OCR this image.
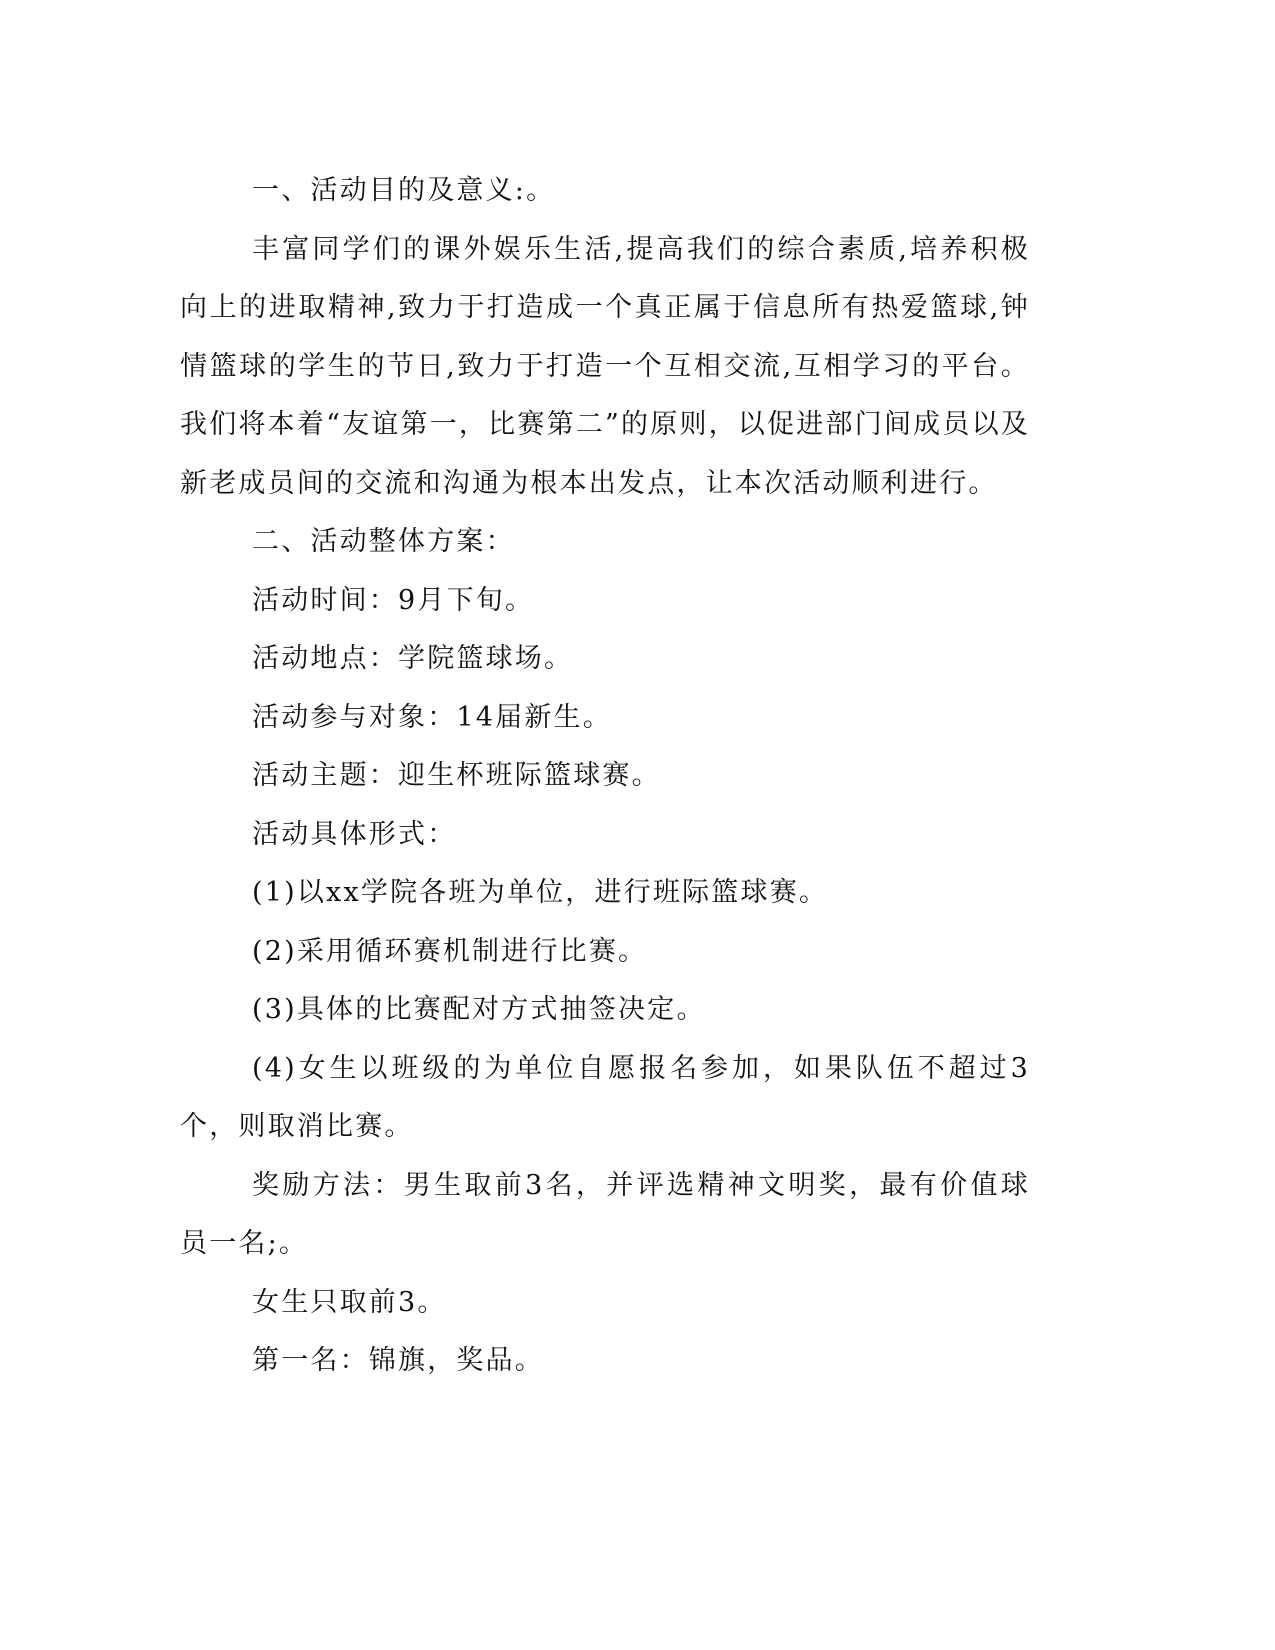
一、活动目的及意义:。

丰富同学们的课外娱乐生活,提高我们的综合素质,培养积极向上的进取精神,致力于打造成一个真正属于信息所有热爱篮球,钟情篮球的学生的节日,致力于打造一个互相交流,互相学习的平台。我们将本着“友谊第一，比赛第二”的原则，以促进部门间成员以及新老成员间的交流和沟通为根本出发点，让本次活动顺利进行。

二、活动整体方案：

活动时间：9月下旬。

活动地点：学院篮球场。

活动参与对象：14届新生。

活动主题：迎生杯班际篮球赛。

活动具体形式：

(1)以xx学院各班为单位，进行班际篮球赛。

(2)采用循环赛机制进行比赛。

(3)具体的比赛配对方式抽签决定。

(4)女生以班级的为单位自愿报名参加，如果队伍不超过3个，则取消比赛。

奖励方法：男生取前3名，并评选精神文明奖，最有价值球员一名;。

女生只取前3。

第一名：锦旗，奖品。
